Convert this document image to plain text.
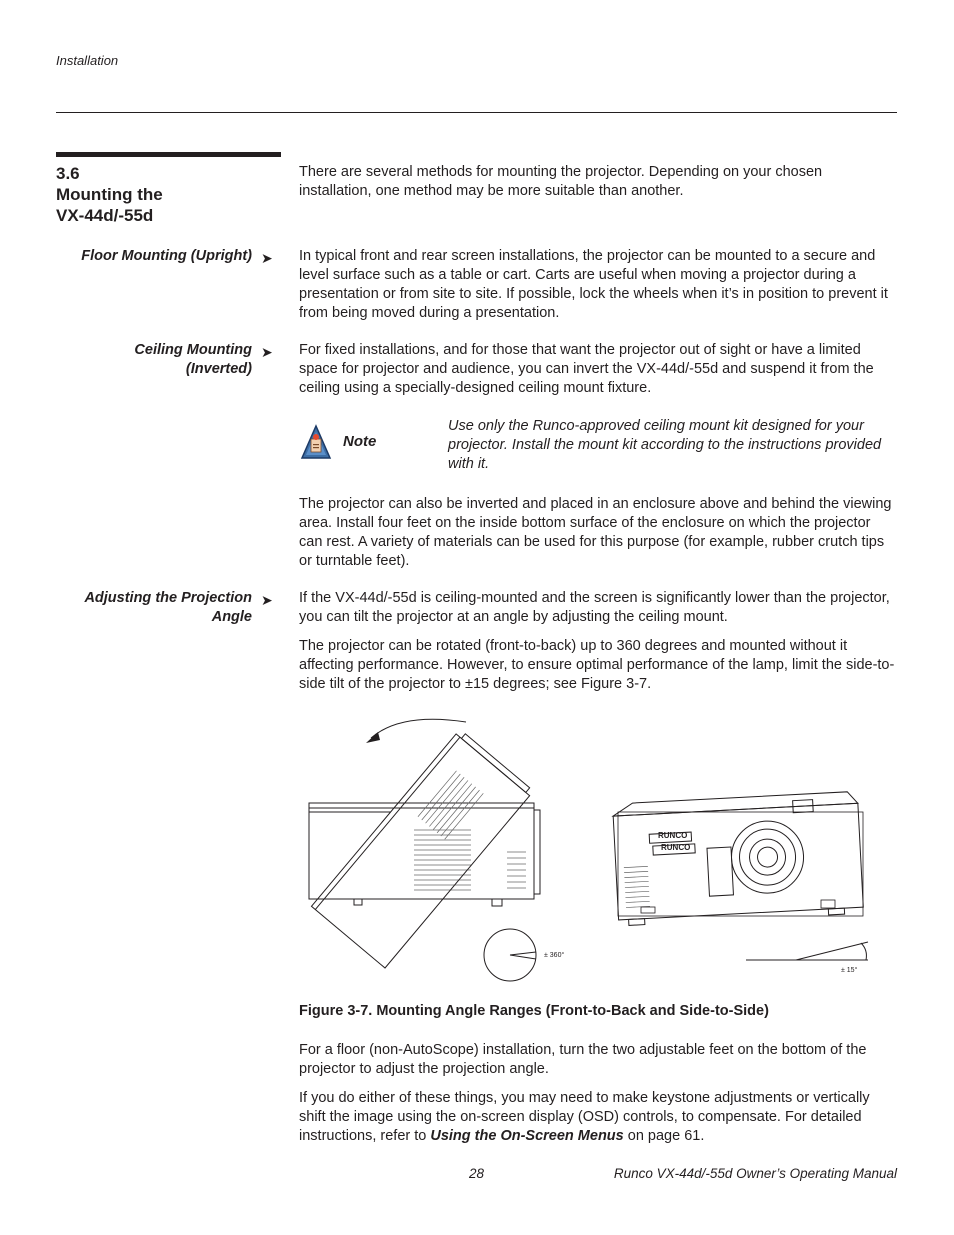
Installation
3.6
Mounting the
VX-44d/-55d
There are several methods for mounting the projector. Depending on your chosen installation, one method may be more suitable than another.
Floor Mounting (Upright) ➤ In typical front and rear screen installations, the projector can be mounted to a secure and level surface such as a table or cart. Carts are useful when moving a projector during a presentation or from site to site. If possible, lock the wheels when it’s in position to prevent it from being moved during a presentation.
Ceiling Mounting
(Inverted)
➤ For fixed installations, and for those that want the projector out of sight or have a limited space for projector and audience, you can invert the VX-44d/-55d and suspend it from the ceiling using a specially-designed ceiling mount fixture.
Note
Use only the Runco-approved ceiling mount kit designed for your projector. Install the mount kit according to the instructions provided with it.
The projector can also be inverted and placed in an enclosure above and behind the viewing area. Install four feet on the inside bottom surface of the enclosure on which the projector can rest. A variety of materials can be used for this purpose (for example, rubber crutch tips or turntable feet).
Adjusting the Projection
Angle
➤ If the VX-44d/-55d is ceiling-mounted and the screen is significantly lower than the projector, you can tilt the projector at an angle by adjusting the ceiling mount.
The projector can be rotated (front-to-back) up to 360 degrees and mounted without it affecting performance. However, to ensure optimal performance of the lamp, limit the side-to-side tilt of the projector to ±15 degrees; see Figure 3-7.
± 360°
RUNCO
RUNCO
± 15°
Figure 3-7. Mounting Angle Ranges (Front-to-Back and Side-to-Side)
For a floor (non-AutoScope) installation, turn the two adjustable feet on the bottom of the projector to adjust the projection angle.
If you do either of these things, you may need to make keystone adjustments or vertically shift the image using the on-screen display (OSD) controls, to compensate. For detailed instructions, refer to Using the On-Screen Menus on page 61.
28	Runco VX-44d/-55d Owner’s Operating Manual
